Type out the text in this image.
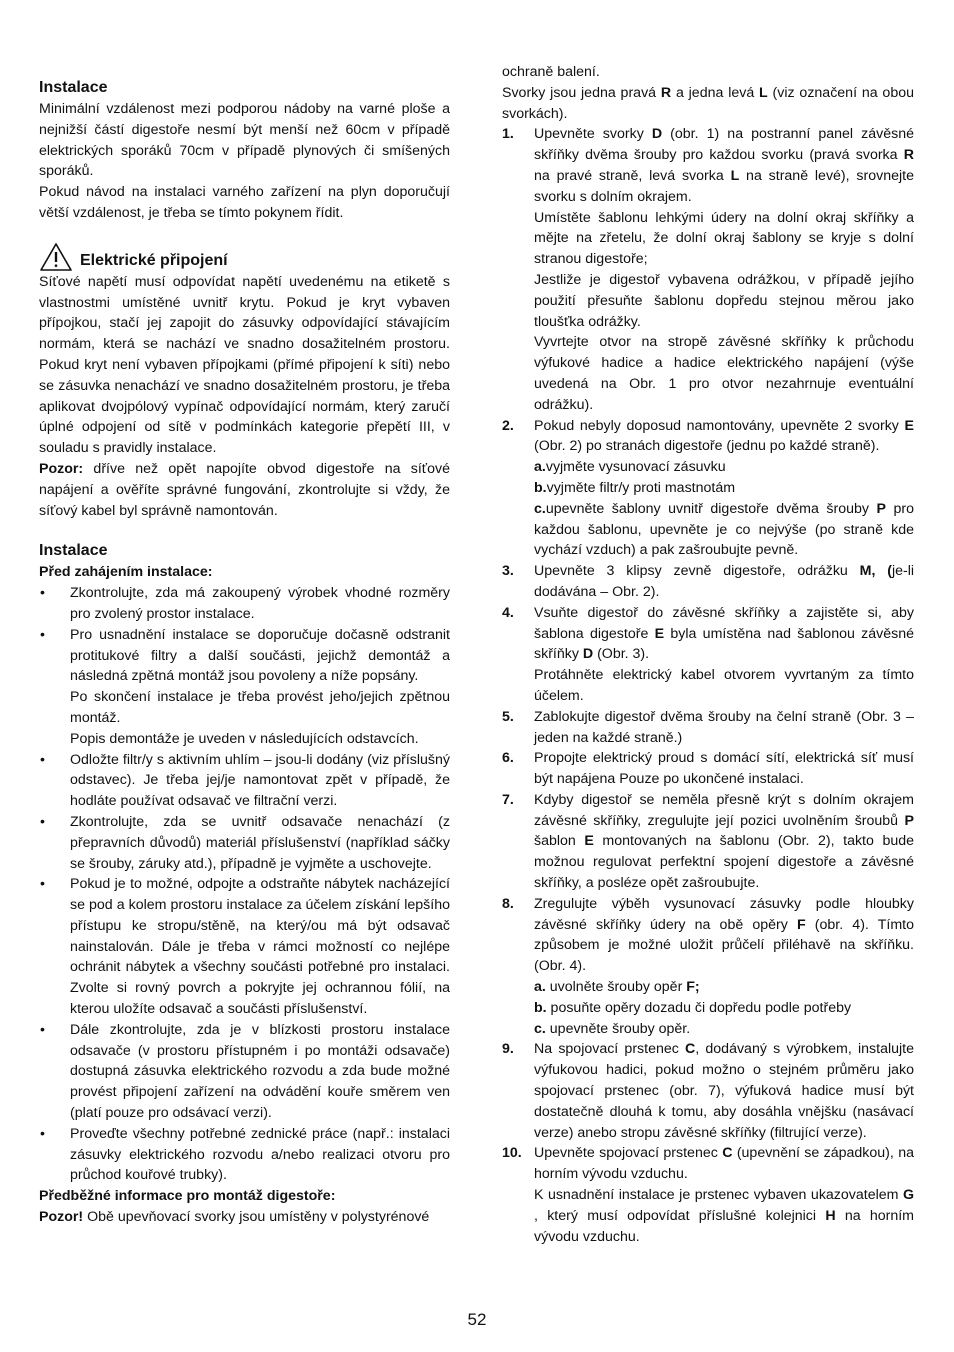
Instalace

Minimální vzdálenost mezi podporou nádoby na varné ploše a nejnižší částí digestoře nesmí být menší než 60cm v případě elektrických sporáků 70cm v případě plynových či smíšených sporáků.

Pokud návod na instalaci varného zařízení na plyn doporučují větší vzdálenost, je třeba se tímto pokynem řídit.

Elektrické připojení

Síťové napětí musí odpovídat napětí uvedenému na etiketě s vlastnostmi umístěné uvnitř krytu. Pokud je kryt vybaven přípojkou, stačí jej zapojit do zásuvky odpovídající stávajícím normám, která se nachází ve snadno dosažitelném prostoru. Pokud kryt není vybaven přípojkami (přímé připojení k síti) nebo se zásuvka nenachází ve snadno dosažitelném prostoru, je třeba aplikovat dvojpólový vypínač odpovídající normám, který zaručí úplné odpojení od sítě v podmínkách kategorie přepětí III, v souladu s pravidly instalace.

Pozor: dříve než opět napojíte obvod digestoře na síťové napájení a ověříte správné fungování, zkontrolujte si vždy, že síťový kabel byl správně namontován.

Instalace

Před zahájením instalace:

• Zkontrolujte, zda má zakoupený výrobek vhodné rozměry pro zvolený prostor instalace.

• Pro usnadnění instalace se doporučuje dočasně odstranit protitukové filtry a další součásti, jejichž demontáž a následná zpětná montáž jsou povoleny a níže popsány.

Po skončení instalace je třeba provést jeho/jejich zpětnou montáž.

Popis demontáže je uveden v následujících odstavcích.

• Odložte filtr/y s aktivním uhlím – jsou-li dodány (viz příslušný odstavec). Je třeba jej/je namontovat zpět v případě, že hodláte používat odsavač ve filtrační verzi.

• Zkontrolujte, zda se uvnitř odsavače nenachází (z přepravních důvodů) materiál příslušenství (například sáčky se šrouby, záruky atd.), případně je vyjměte a uschovejte.

• Pokud je to možné, odpojte a odstraňte nábytek nacházející se pod a kolem prostoru instalace za účelem získání lepšího přístupu ke stropu/stěně, na který/ou má být odsavač nainstalován. Dále je třeba v rámci možností co nejlépe ochránit nábytek a všechny součásti potřebné pro instalaci. Zvolte si rovný povrch a pokryjte jej ochrannou fólií, na kterou uložíte odsavač a součásti příslušenství.

• Dále zkontrolujte, zda je v blízkosti prostoru instalace odsavače (v prostoru přístupném i po montáži odsavače) dostupná zásuvka elektrického rozvodu a zda bude možné provést připojení zařízení na odvádění kouře směrem ven (platí pouze pro odsávací verzi).

• Proveďte všechny potřebné zednické práce (např.: instalaci zásuvky elektrického rozvodu a/nebo realizaci otvoru pro průchod kouřové trubky).

Předběžné informace pro montáž digestoře:

Pozor! Obě upevňovací svorky jsou umístěny v polystyrénové

ochraně balení.

Svorky jsou jedna pravá R a jedna levá L (viz označení na obou svorkách).

1. Upevněte svorky D (obr. 1) na postranní panel závěsné skříňky dvěma šrouby pro každou svorku (pravá svorka R na pravé straně, levá svorka L na straně levé), srovnejte svorku s dolním okrajem.

Umístěte šablonu lehkými údery na dolní okraj skříňky a mějte na zřetelu, že dolní okraj šablony se kryje s dolní stranou digestoře;

Jestliže je digestoř vybavena odrážkou, v případě jejího použití přesuňte šablonu dopředu stejnou měrou jako tloušťka odrážky.

Vyvrtejte otvor na stropě závěsné skříňky k průchodu výfukové hadice a hadice elektrického napájení (výše uvedená na Obr. 1 pro otvor nezahrnuje eventuální odrážku).

2. Pokud nebyly doposud namontovány, upevněte 2 svorky E (Obr. 2) po stranách digestoře (jednu po každé straně).

a.vyjměte vysunovací zásuvku

b.vyjměte filtr/y proti mastnotám

c.upevněte šablony uvnitř digestoře dvěma šrouby P pro každou šablonu, upevněte je co nejvýše (po straně kde vychází vzduch) a pak zašroubujte pevně.

3. Upevněte 3 klipsy zevně digestoře, odrážku M, (je-li dodávána – Obr. 2).

4. Vsuňte digestoř do závěsné skříňky a zajistěte si, aby šablona digestoře E byla umístěna nad šablonou závěsné skříňky D (Obr. 3).

Protáhněte elektrický kabel otvorem vyvrtaným za tímto účelem.

5. Zablokujte digestoř dvěma šrouby na čelní straně (Obr. 3 – jeden na každé straně.)

6. Propojte elektrický proud s domácí sítí, elektrická síť musí být napájena Pouze po ukončené instalaci.

7. Kdyby digestoř se neměla přesně krýt s dolním okrajem závěsné skříňky, zregulujte její pozici uvolněním šroubů P šablon E montovaných na šablonu (Obr. 2), takto bude možnou regulovat perfektní spojení digestoře a závěsné skříňky, a posléze opět zašroubujte.

8. Zregulujte výběh vysunovací zásuvky podle hloubky závěsné skříňky údery na obě opěry F (obr. 4). Tímto způsobem je možné uložit průčelí přiléhavě na skříňku. (Obr. 4).

a. uvolněte šrouby opěr F;

b. posuňte opěry dozadu či dopředu podle potřeby

c. upevněte šrouby opěr.

9. Na spojovací prstenec C, dodávaný s výrobkem, instalujte výfukovou hadici, pokud možno o stejném průměru jako spojovací prstenec (obr. 7), výfuková hadice musí být dostatečně dlouhá k tomu, aby dosáhla vnějšku (nasávací verze) anebo stropu závěsné skříňky (filtrující verze).

10. Upevněte spojovací prstenec C (upevnění se západkou), na horním vývodu vzduchu.

K usnadnění instalace je prstenec vybaven ukazovatelem G , který musí odpovídat příslušné kolejnici H na horním vývodu vzduchu.

52
